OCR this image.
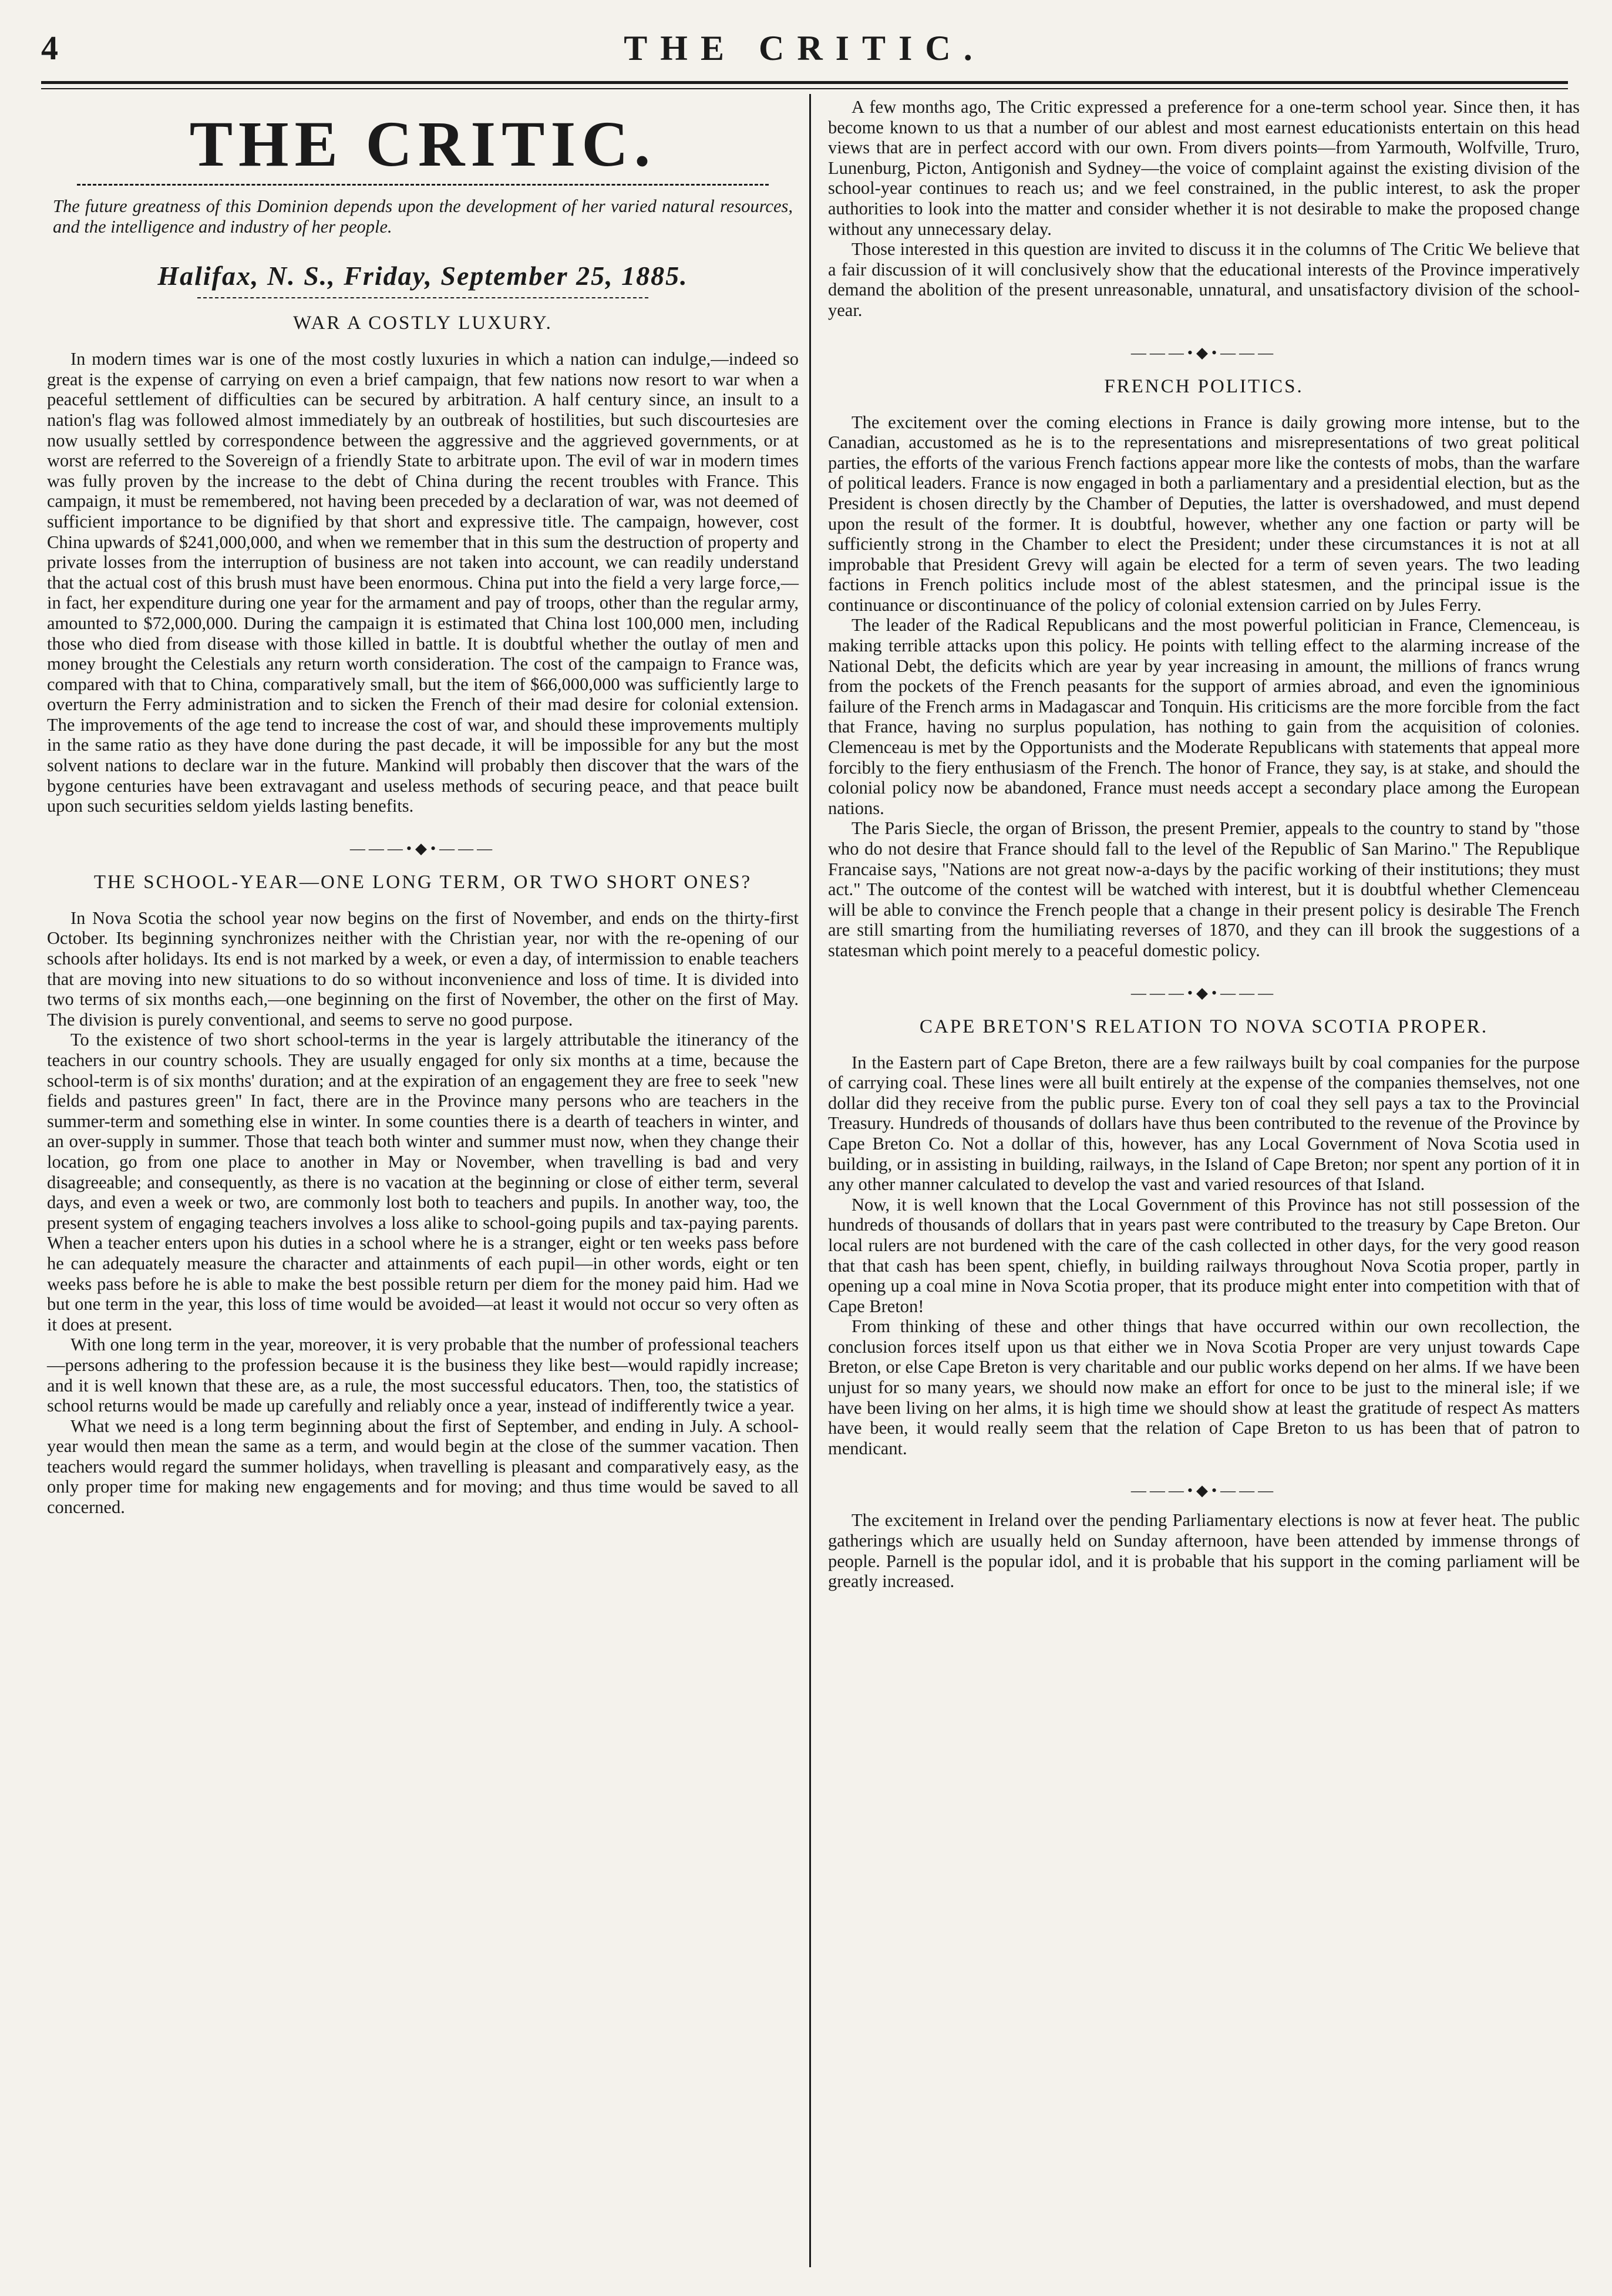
4	THE CRITIC.
THE CRITIC.
The future greatness of this Dominion depends upon the development of her varied natural resources, and the intelligence and industry of her people.
Halifax, N. S., Friday, September 25, 1885.
WAR A COSTLY LUXURY.

In modern times war is one of the most costly luxuries in which a nation can indulge,—indeed so great is the expense of carrying on even a brief campaign, that few nations now resort to war when a peaceful settlement of difficulties can be secured by arbitration. A half century since, an insult to a nation's flag was followed almost immediately by an outbreak of hostilities, but such discourtesies are now usually settled by correspondence between the aggressive and the aggrieved governments, or at worst are referred to the Sovereign of a friendly State to arbitrate upon. The evil of war in modern times was fully proven by the increase to the debt of China during the recent troubles with France. This campaign, it must be remembered, not having been preceded by a declaration of war, was not deemed of sufficient importance to be dignified by that short and expressive title. The campaign, however, cost China upwards of $241,000,000, and when we remember that in this sum the destruction of property and private losses from the interruption of business are not taken into account, we can readily understand that the actual cost of this brush must have been enormous. China put into the field a very large force,—in fact, her expenditure during one year for the armament and pay of troops, other than the regular army, amounted to $72,000,000. During the campaign it is estimated that China lost 100,000 men, including those who died from disease with those killed in battle. It is doubtful whether the outlay of men and money brought the Celestials any return worth consideration. The cost of the campaign to France was, compared with that to China, comparatively small, but the item of $66,000,000 was sufficiently large to overturn the Ferry administration and to sicken the French of their mad desire for colonial extension. The improvements of the age tend to increase the cost of war, and should these improvements multiply in the same ratio as they have done during the past decade, it will be impossible for any but the most solvent nations to declare war in the future. Mankind will probably then discover that the wars of the bygone centuries have been extravagant and useless methods of securing peace, and that peace built upon such securities seldom yields lasting benefits.

———•◆•———
THE SCHOOL-YEAR—ONE LONG TERM, OR TWO SHORT ONES?

In Nova Scotia the school year now begins on the first of November, and ends on the thirty-first October. Its beginning synchronizes neither with the Christian year, nor with the re-opening of our schools after holidays. Its end is not marked by a week, or even a day, of intermission to enable teachers that are moving into new situations to do so without inconvenience and loss of time. It is divided into two terms of six months each,—one beginning on the first of November, the other on the first of May. The division is purely conventional, and seems to serve no good purpose.

To the existence of two short school-terms in the year is largely attributable the itinerancy of the teachers in our country schools. They are usually engaged for only six months at a time, because the school-term is of six months' duration; and at the expiration of an engagement they are free to seek "new fields and pastures green" In fact, there are in the Province many persons who are teachers in the summer-term and something else in winter. In some counties there is a dearth of teachers in winter, and an over-supply in summer. Those that teach both winter and summer must now, when they change their location, go from one place to another in May or November, when travelling is bad and very disagreeable; and consequently, as there is no vacation at the beginning or close of either term, several days, and even a week or two, are commonly lost both to teachers and pupils. In another way, too, the present system of engaging teachers involves a loss alike to school-going pupils and tax-paying parents. When a teacher enters upon his duties in a school where he is a stranger, eight or ten weeks pass before he can adequately measure the character and attainments of each pupil—in other words, eight or ten weeks pass before he is able to make the best possible return per diem for the money paid him. Had we but one term in the year, this loss of time would be avoided—at least it would not occur so very often as it does at present.

With one long term in the year, moreover, it is very probable that the number of professional teachers—persons adhering to the profession because it is the business they like best—would rapidly increase; and it is well known that these are, as a rule, the most successful educators. Then, too, the statistics of school returns would be made up carefully and reliably once a year, instead of indifferently twice a year.

What we need is a long term beginning about the first of September, and ending in July. A school-year would then mean the same as a term, and would begin at the close of the summer vacation. Then teachers would regard the summer holidays, when travelling is pleasant and comparatively easy, as the only proper time for making new engagements and for moving; and thus time would be saved to all concerned.

A few months ago, The Critic expressed a preference for a one-term school year. Since then, it has become known to us that a number of our ablest and most earnest educationists entertain on this head views that are in perfect accord with our own. From divers points—from Yarmouth, Wolfville, Truro, Lunenburg, Picton, Antigonish and Sydney—the voice of complaint against the existing division of the school-year continues to reach us; and we feel constrained, in the public interest, to ask the proper authorities to look into the matter and consider whether it is not desirable to make the proposed change without any unnecessary delay.

Those interested in this question are invited to discuss it in the columns of The Critic We believe that a fair discussion of it will conclusively show that the educational interests of the Province imperatively demand the abolition of the present unreasonable, unnatural, and unsatisfactory division of the school-year.

———•◆•———
FRENCH POLITICS.

The excitement over the coming elections in France is daily growing more intense, but to the Canadian, accustomed as he is to the representations and misrepresentations of two great political parties, the efforts of the various French factions appear more like the contests of mobs, than the warfare of political leaders. France is now engaged in both a parliamentary and a presidential election, but as the President is chosen directly by the Chamber of Deputies, the latter is overshadowed, and must depend upon the result of the former. It is doubtful, however, whether any one faction or party will be sufficiently strong in the Chamber to elect the President; under these circumstances it is not at all improbable that President Grevy will again be elected for a term of seven years. The two leading factions in French politics include most of the ablest statesmen, and the principal issue is the continuance or discontinuance of the policy of colonial extension carried on by Jules Ferry.

The leader of the Radical Republicans and the most powerful politician in France, Clemenceau, is making terrible attacks upon this policy. He points with telling effect to the alarming increase of the National Debt, the deficits which are year by year increasing in amount, the millions of francs wrung from the pockets of the French peasants for the support of armies abroad, and even the ignominious failure of the French arms in Madagascar and Tonquin. His criticisms are the more forcible from the fact that France, having no surplus population, has nothing to gain from the acquisition of colonies. Clemenceau is met by the Opportunists and the Moderate Republicans with statements that appeal more forcibly to the fiery enthusiasm of the French. The honor of France, they say, is at stake, and should the colonial policy now be abandoned, France must needs accept a secondary place among the European nations.

The Paris Siecle, the organ of Brisson, the present Premier, appeals to the country to stand by "those who do not desire that France should fall to the level of the Republic of San Marino." The Republique Francaise says, "Nations are not great now-a-days by the pacific working of their institutions; they must act." The outcome of the contest will be watched with interest, but it is doubtful whether Clemenceau will be able to convince the French people that a change in their present policy is desirable The French are still smarting from the humiliating reverses of 1870, and they can ill brook the suggestions of a statesman which point merely to a peaceful domestic policy.

———•◆•———
CAPE BRETON'S RELATION TO NOVA SCOTIA PROPER.

In the Eastern part of Cape Breton, there are a few railways built by coal companies for the purpose of carrying coal. These lines were all built entirely at the expense of the companies themselves, not one dollar did they receive from the public purse. Every ton of coal they sell pays a tax to the Provincial Treasury. Hundreds of thousands of dollars have thus been contributed to the revenue of the Province by Cape Breton Co. Not a dollar of this, however, has any Local Government of Nova Scotia used in building, or in assisting in building, railways, in the Island of Cape Breton; nor spent any portion of it in any other manner calculated to develop the vast and varied resources of that Island.

Now, it is well known that the Local Government of this Province has not still possession of the hundreds of thousands of dollars that in years past were contributed to the treasury by Cape Breton. Our local rulers are not burdened with the care of the cash collected in other days, for the very good reason that that cash has been spent, chiefly, in building railways throughout Nova Scotia proper, partly in opening up a coal mine in Nova Scotia proper, that its produce might enter into competition with that of Cape Breton!

From thinking of these and other things that have occurred within our own recollection, the conclusion forces itself upon us that either we in Nova Scotia Proper are very unjust towards Cape Breton, or else Cape Breton is very charitable and our public works depend on her alms. If we have been unjust for so many years, we should now make an effort for once to be just to the mineral isle; if we have been living on her alms, it is high time we should show at least the gratitude of respect As matters have been, it would really seem that the relation of Cape Breton to us has been that of patron to mendicant.

———•◆•———

The excitement in Ireland over the pending Parliamentary elections is now at fever heat. The public gatherings which are usually held on Sunday afternoon, have been attended by immense throngs of people. Parnell is the popular idol, and it is probable that his support in the coming parliament will be greatly increased.
